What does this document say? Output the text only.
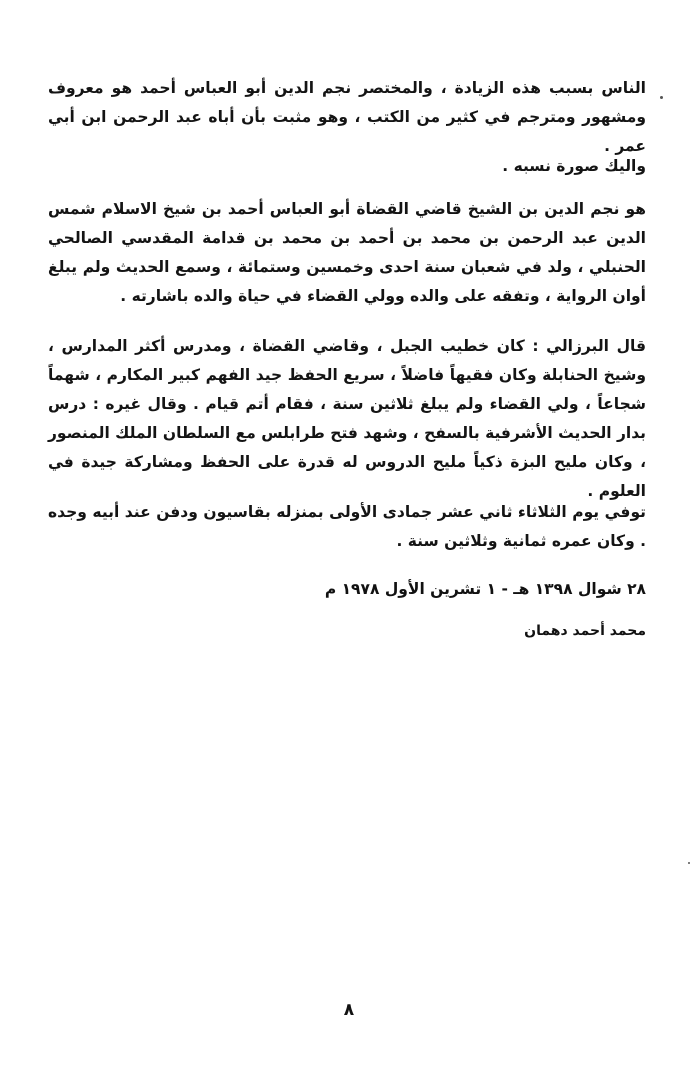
الناس بسبب هذه الزيادة ، والمختصر نجم الدين أبو العباس أحمد هو معروف ومشهور ومترجم في كثير من الكتب ، وهو مثبت بأن أباه عبد الرحمن ابن أبي عمر .

واليك صورة نسبه .

هو نجم الدين بن الشيخ قاضي القضاة أبو العباس أحمد بن شيخ الاسلام شمس الدين عبد الرحمن بن محمد بن أحمد بن محمد بن قدامة المقدسي الصالحي الحنبلي ، ولد في شعبان سنة احدى وخمسين وستمائة ، وسمع الحديث ولم يبلغ أوان الرواية ، وتفقه على والده وولي القضاء في حياة والده باشارته .

قال البرزالي : كان خطيب الجبل ، وقاضي القضاة ، ومدرس أكثر المدارس ، وشيخ الحنابلة وكان فقيهاً فاضلاً ، سريع الحفظ جيد الفهم كبير المكارم ، شهماً شجاعاً ، ولي القضاء ولم يبلغ ثلاثين سنة ، فقام أتم قيام . وقال غيره : درس بدار الحديث الأشرفية بالسفح ، وشهد فتح طرابلس مع السلطان الملك المنصور ، وكان مليح البزة ذكياً مليح الدروس له قدرة على الحفظ ومشاركة جيدة في العلوم .

توفي يوم الثلاثاء ثاني عشر جمادى الأولى بمنزله بقاسيون ودفن عند أبيه وجده . وكان عمره ثمانية وثلاثين سنة .

٢٨ شوال ١٣٩٨ هـ - ١ تشرين الأول ١٩٧٨ م
محمد أحمد دهمان
٨
